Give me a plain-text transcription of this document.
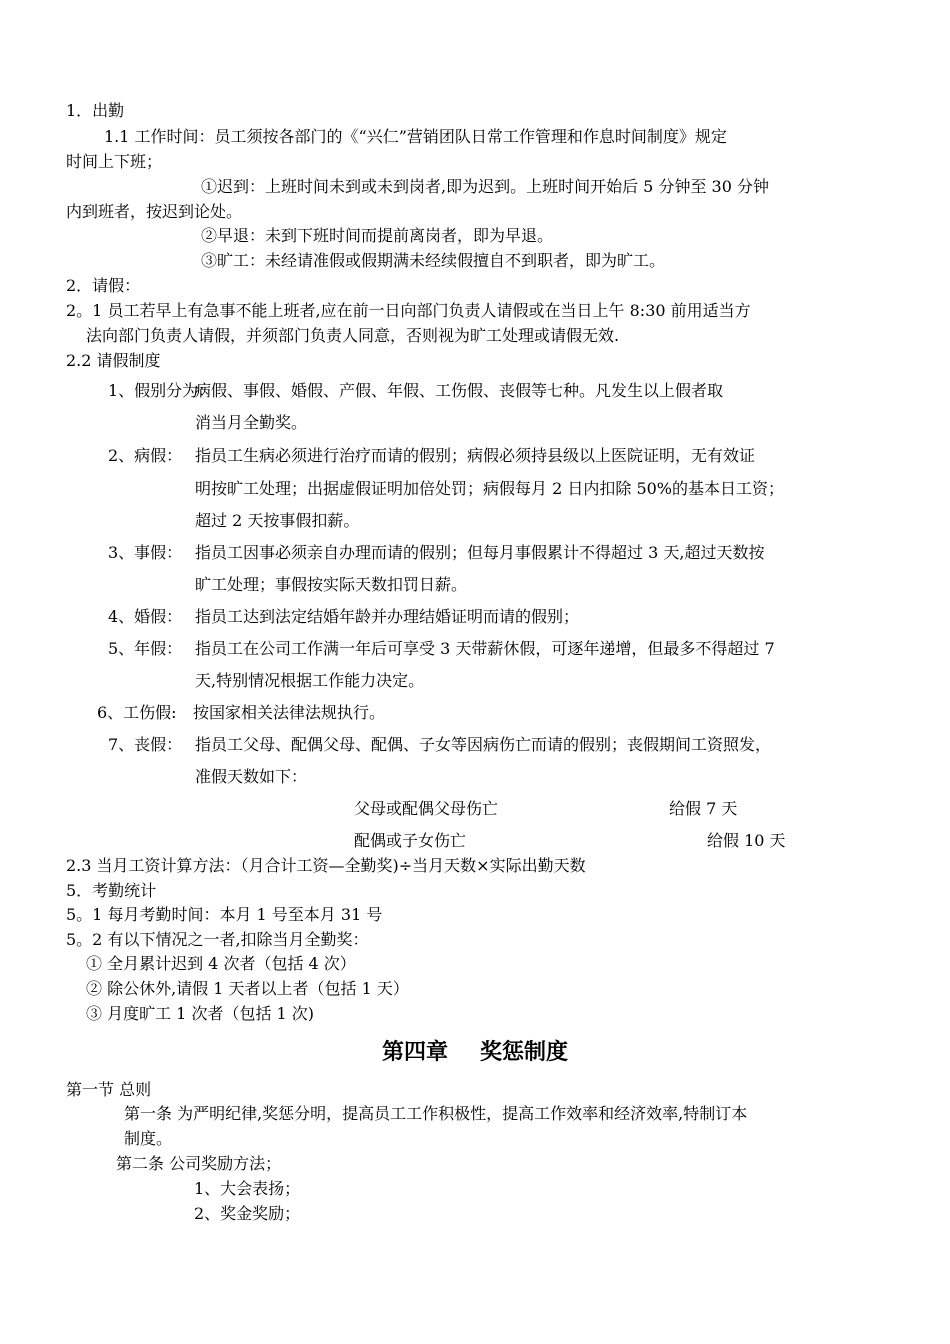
1．出勤
1.1 工作时间：员工须按各部门的《“兴仁”营销团队日常工作管理和作息时间制度》规定
时间上下班；
①迟到：上班时间未到或未到岗者,即为迟到。上班时间开始后 5 分钟至 30 分钟
内到班者，按迟到论处。
②早退：未到下班时间而提前离岗者，即为早退。
③旷工：未经请准假或假期满未经续假擅自不到职者，即为旷工。
2．请假：
2。1 员工若早上有急事不能上班者,应在前一日向部门负责人请假或在当日上午 8:30 前用适当方
法向部门负责人请假，并须部门负责人同意，否则视为旷工处理或请假无效.
2.2 请假制度
1、假别分为：
病假、事假、婚假、产假、年假、工伤假、丧假等七种。凡发生以上假者取
消当月全勤奖。
2、病假： 指员工生病必须进行治疗而请的假别；病假必须持县级以上医院证明，无有效证
明按旷工处理；出据虚假证明加倍处罚；病假每月 2 日内扣除 50%的基本日工资；
超过 2 天按事假扣薪。
3、事假： 指员工因事必须亲自办理而请的假别；但每月事假累计不得超过 3 天,超过天数按
旷工处理；事假按实际天数扣罚日薪。
4、婚假： 指员工达到法定结婚年龄并办理结婚证明而请的假别；
5、年假： 指员工在公司工作满一年后可享受 3 天带薪休假，可逐年递增，但最多不得超过 7
天,特别情况根据工作能力决定。
6、工伤假: 按国家相关法律法规执行。
7、丧假： 指员工父母、配偶父母、配偶、子女等因病伤亡而请的假别；丧假期间工资照发，
准假天数如下：
父母或配偶父母伤亡	给假 7 天
配偶或子女伤亡	给假 10 天
2.3 当月工资计算方法：（月合计工资—全勤奖)÷当月天数×实际出勤天数
5．考勤统计
5。1 每月考勤时间：本月 1 号至本月 31 号
5。2 有以下情况之一者,扣除当月全勤奖：
① 全月累计迟到 4 次者（包括 4 次）
② 除公休外,请假 1 天者以上者（包括 1 天）
③ 月度旷工 1 次者（包括 1 次)
第四章 奖惩制度
第一节 总则
第一条 为严明纪律,奖惩分明，提高员工工作积极性，提高工作效率和经济效率,特制订本
制度。
第二条 公司奖励方法；
1、大会表扬；
2、奖金奖励；
